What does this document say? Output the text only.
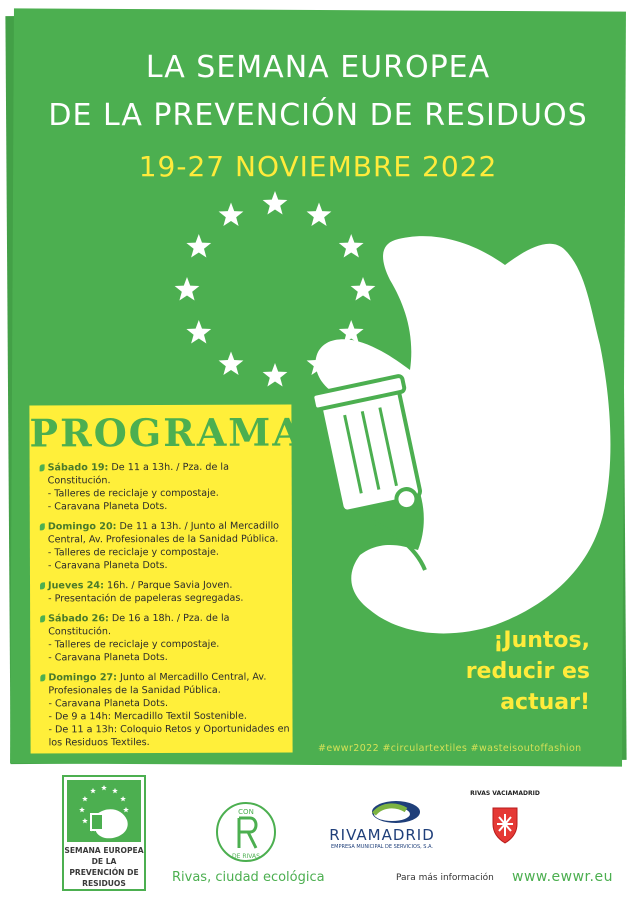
LA SEMANA EUROPEA
DE LA PREVENCIÓN DE RESIDUOS
19-27 NOVIEMBRE 2022
PROGRAMA
Sábado 19: De 11 a 13h. / Pza. de la Constitución.
- Talleres de reciclaje y compostaje.
- Caravana Planeta Dots.
Domingo 20: De 11 a 13h. / Junto al Mercadillo Central, Av. Profesionales de la Sanidad Pública.
- Talleres de reciclaje y compostaje.
- Caravana Planeta Dots.
Jueves 24: 16h. / Parque Savia Joven.
- Presentación de papeleras segregadas.
Sábado 26: De 16 a 18h. / Pza. de la Constitución.
- Talleres de reciclaje y compostaje.
- Caravana Planeta Dots.
Domingo 27: Junto al Mercadillo Central, Av. Profesionales de la Sanidad Pública.
- Caravana Planeta Dots.
- De 9 a 14h: Mercadillo Textil Sostenible.
- De 11 a 13h: Coloquio Retos y Oportunidades en los Residuos Textiles.
¡Juntos,
reducir es
actuar!
#ewwr2022 #circulartextiles #wasteisoutoffashion
SEMANA EUROPEA DE LA PREVENCIÓN DE RESIDUOS
CON
DE RIVAS
Rivas, ciudad ecológica
RIVAMADRID
EMPRESA MUNICIPAL DE SERVICIOS, S.A.
RIVAS VACIAMADRID
Para más información www.ewwr.eu
